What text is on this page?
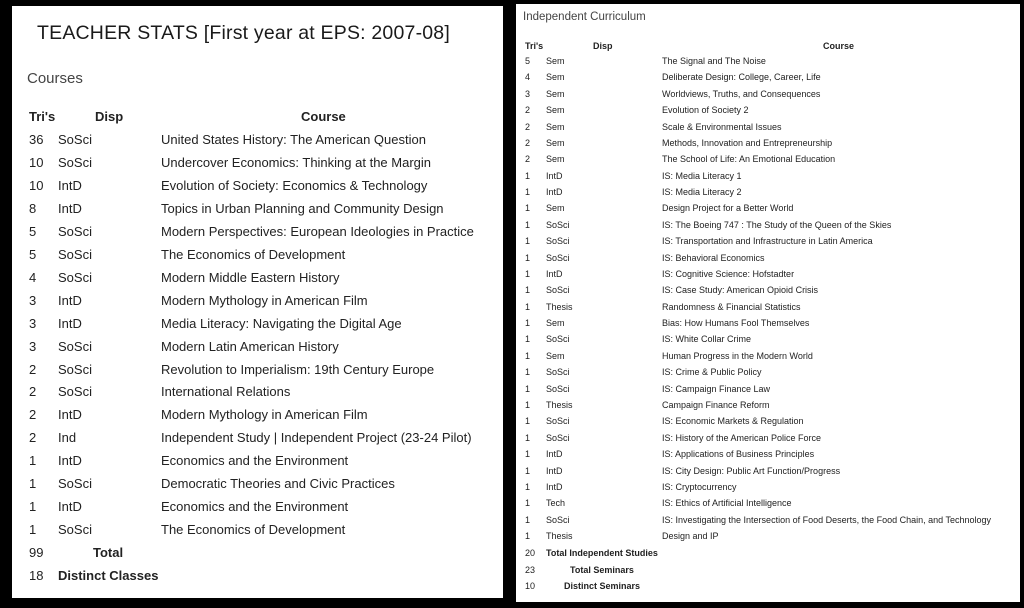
TEACHER STATS [First year at EPS: 2007-08]
Courses
Tri's	Disp	Course
36 SoSci	United States History: The American Question
10 SoSci	Undercover Economics: Thinking at the Margin
10 IntD	Evolution of Society: Economics & Technology
8 IntD	Topics in Urban Planning and Community Design
5 SoSci	Modern Perspectives: European Ideologies in Practice
5 SoSci	The Economics of Development
4 SoSci	Modern Middle Eastern History
3 IntD	Modern Mythology in American Film
3 IntD	Media Literacy: Navigating the Digital Age
3 SoSci	Modern Latin American History
2 SoSci	Revolution to Imperialism: 19th Century Europe
2 SoSci	International Relations
2 IntD	Modern Mythology in American Film
2 Ind	Independent Study | Independent Project (23-24 Pilot)
1 IntD	Economics and the Environment
1 SoSci	Democratic Theories and Civic Practices
1 IntD	Economics and the Environment
1 SoSci	The Economics of Development
99	Total
18 Distinct Classes
Independent Curriculum
Tri's	Disp	Course
5 Sem	The Signal and The Noise
4 Sem	Deliberate Design: College, Career, Life
3 Sem	Worldviews, Truths, and Consequences
2 Sem	Evolution of Society 2
2 Sem	Scale & Environmental Issues
2 Sem	Methods, Innovation and Entrepreneurship
2 Sem	The School of Life: An Emotional Education
1 IntD	IS: Media Literacy 1
1 IntD	IS: Media Literacy 2
1 Sem	Design Project for a Better World
1 SoSci	IS: The Boeing 747 : The Study of the Queen of the Skies
1 SoSci	IS: Transportation and Infrastructure in Latin America
1 SoSci	IS: Behavioral Economics
1 IntD	IS: Cognitive Science: Hofstadter
1 SoSci	IS: Case Study: American Opioid Crisis
1 Thesis	Randomness & Financial Statistics
1 Sem	Bias: How Humans Fool Themselves
1 SoSci	IS: White Collar Crime
1 Sem	Human Progress in the Modern World
1 SoSci	IS: Crime & Public Policy
1 SoSci	IS: Campaign Finance Law
1 Thesis	Campaign Finance Reform
1 SoSci	IS: Economic Markets & Regulation
1 SoSci	IS: History of the American Police Force
1 IntD	IS: Applications of Business Principles
1 IntD	IS: City Design: Public Art Function/Progress
1 IntD	IS: Cryptocurrency
1 Tech	IS: Ethics of Artificial Intelligence
1 SoSci	IS: Investigating the Intersection of Food Deserts, the Food Chain, and Technology
1 Thesis	Design and IP
20 Total Independent Studies
23	Total Seminars
10	Distinct Seminars
